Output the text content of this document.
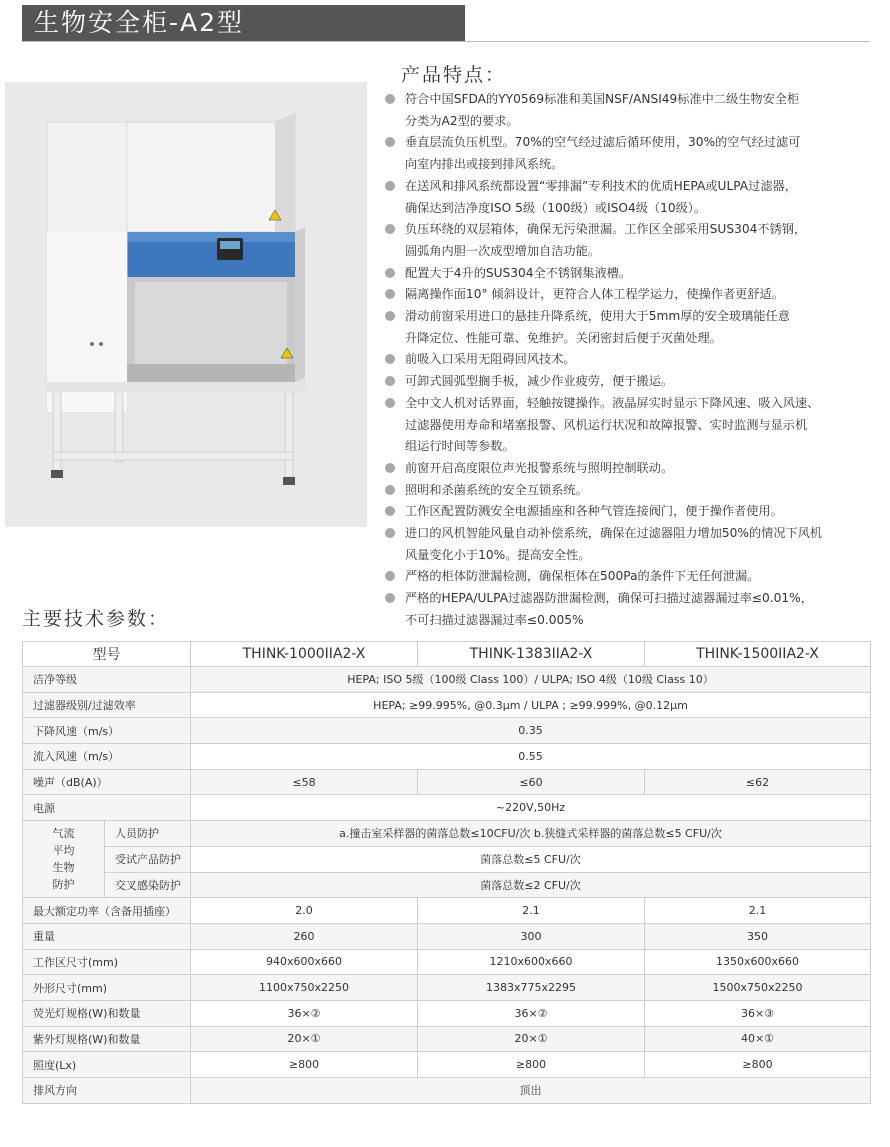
生物安全柜-A2型
产品特点：
符合中国SFDA的YY0569标准和美国NSF/ANSI49标准中二级生物安全柜
分类为A2型的要求。
垂直层流负压机型。70%的空气经过滤后循环使用，30%的空气经过滤可
向室内排出或接到排风系统。
在送风和排风系统都设置“零排漏”专利技术的优质HEPA或ULPA过滤器，
确保达到洁净度ISO 5级（100级）或ISO4级（10级）。
负压环绕的双层箱体，确保无污染泄漏。工作区全部采用SUS304不锈钢，
圆弧角内胆一次成型增加自洁功能。
配置大于4升的SUS304全不锈钢集液槽。
隔离操作面10° 倾斜设计，更符合人体工程学运力，使操作者更舒适。
滑动前窗采用进口的悬挂升降系统，使用大于5mm厚的安全玻璃能任意
升降定位、性能可靠、免维护。关闭密封后便于灭菌处理。
前吸入口采用无阻碍回风技术。
可卸式圆弧型搁手板，减少作业疲劳，便于搬运。
全中文人机对话界面，轻触按键操作。液晶屏实时显示下降风速、吸入风速、
过滤器使用寿命和堵塞报警、风机运行状况和故障报警、实时监测与显示机
组运行时间等参数。
前窗开启高度限位声光报警系统与照明控制联动。
照明和杀菌系统的安全互锁系统。
工作区配置防溅安全电源插座和各种气管连接阀门，便于操作者使用。
进口的风机智能风量自动补偿系统，确保在过滤器阻力增加50%的情况下风机
风量变化小于10%。提高安全性。
严格的柜体防泄漏检测，确保柜体在500Pa的条件下无任何泄漏。
严格的HEPA/ULPA过滤器防泄漏检测，确保可扫描过滤器漏过率≤0.01%，
不可扫描过滤器漏过率≤0.005%
主要技术参数：
型号		THINK-1000IIA2-X	THINK-1383IIA2-X	THINK-1500IIA2-X
洁净等级		HEPA; ISO 5级（100级 Class 100）/ ULPA; ISO 4级（10级 Class 10）		
过滤器级别/过滤效率		HEPA; ≥99.995%, @0.3μm / ULPA ; ≥99.999%, @0.12μm		
下降风速（m/s）		0.35		
流入风速（m/s）		0.55		
噪声（dB(A)）		≤58	≤60	≤62
电源		~220V,50Hz		

气流
平均
生物
防护	人员防护	a.撞击室采样器的菌落总数≤10CFU/次 b.狭缝式采样器的菌落总数≤5 CFU/次		
	受试产品防护	菌落总数≤5 CFU/次		
	交叉感染防护	菌落总数≤2 CFU/次		
最大额定功率（含备用插座）		2.0	2.1	2.1
重量		260	300	350
工作区尺寸(mm)		940x600x660	1210x600x660	1350x600x660
外形尺寸(mm)		1100x750x2250	1383x775x2295	1500x750x2250
荧光灯规格(W)和数量		36×②	36×②	36×③
紫外灯规格(W)和数量		20×①	20×①	40×①
照度(Lx)		≥800	≥800	≥800
排风方向		顶出		
